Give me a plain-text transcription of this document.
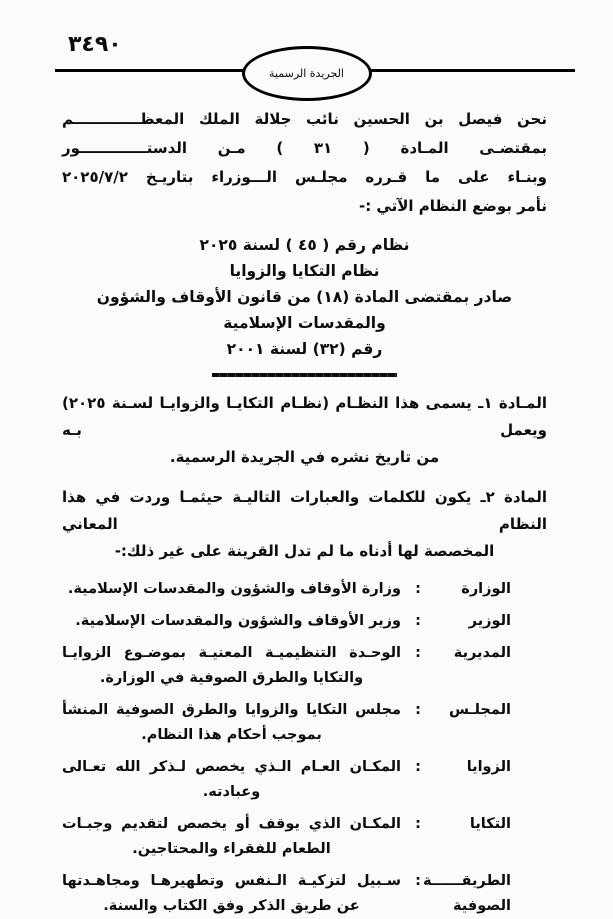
٣٤٩٠
الجريدة الرسمية
نحن فيصل بن الحسين نائب جلالة الملك المعظـــــــــــــم
بمقتضـى المـادة ( ٣١ ) مـن الدستـــــــــــــور
وبنـاء على ما قـرره مجلـس الـــوزراء بتاريـخ ٢٠٢٥/٧/٢
نأمر بوضع النظام الآتي :-
نظام رقم ( ٤٥ ) لسنة ٢٠٢٥
نظام التكايا والزوايا
صادر بمقتضى المادة (١٨) من قانون الأوقاف والشؤون والمقدسات الإسلامية
رقم (٣٢) لسنة ٢٠٠١
المـادة ١ـ يسمى هذا النظـام (نظـام التكايـا والزوايـا لسـنة ٢٠٢٥) ويعمل بـه
من تاريخ نشره في الجريدة الرسمية.
المادة ٢ـ يكون للكلمات والعبارات التاليـة حيثمـا وردت في هذا النظام المعاني
المخصصة لها أدناه ما لم تدل القرينة على غير ذلك:-
الوزارة
:
وزارة الأوقاف والشؤون والمقدسات الإسلامية.
الوزير
:
وزير الأوقاف والشؤون والمقدسات الإسلامية.
المديرية
:
الوحـدة التنظيميـة المعنيـة بموضـوع الزوايـا
والتكايا والطرق الصوفية في الوزارة.
المجلـس
:
مجلس التكايا والزوايا والطرق الصوفية المنشأ
بموجب أحكام هذا النظام.
الزوايا
:
المكـان العـام الـذي يخصص لـذكر الله تعـالى
وعبادته.
التكايا
:
المكـان الذي يوقف أو يخصص لتقديم وجبـات
الطعام للفقراء والمحتاجين.
الطريقــــــة
الصوفية
:
سـبيل لتزكيـة الـنفس وتطهيرهـا ومجاهـدتها
عن طريق الذكر وفق الكتاب والسنة.
